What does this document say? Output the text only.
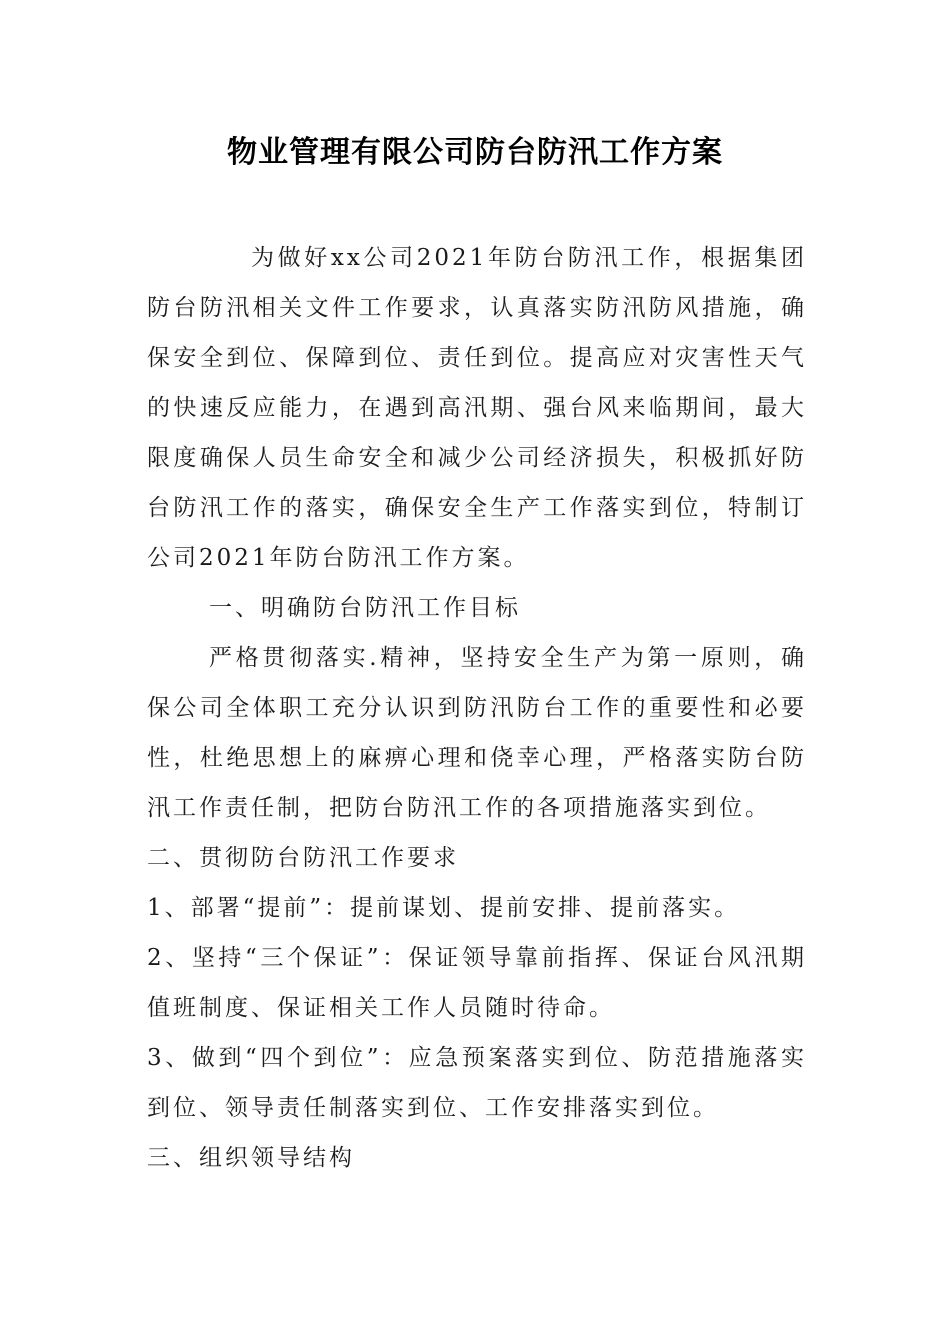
物业管理有限公司防台防汛工作方案

为做好xx公司2021年防台防汛工作，根据集团防台防汛相关文件工作要求，认真落实防汛防风措施，确保安全到位、保障到位、责任到位。提高应对灾害性天气的快速反应能力，在遇到高汛期、强台风来临期间，最大限度确保人员生命安全和减少公司经济损失，积极抓好防台防汛工作的落实，确保安全生产工作落实到位，特制订公司2021年防台防汛工作方案。

一、明确防台防汛工作目标

严格贯彻落实.精神，坚持安全生产为第一原则，确保公司全体职工充分认识到防汛防台工作的重要性和必要性，杜绝思想上的麻痹心理和侥幸心理，严格落实防台防汛工作责任制，把防台防汛工作的各项措施落实到位。

二、贯彻防台防汛工作要求

1、部署“提前”：提前谋划、提前安排、提前落实。

2、坚持“三个保证”：保证领导靠前指挥、保证台风汛期值班制度、保证相关工作人员随时待命。

3、做到“四个到位”：应急预案落实到位、防范措施落实到位、领导责任制落实到位、工作安排落实到位。

三、组织领导结构
